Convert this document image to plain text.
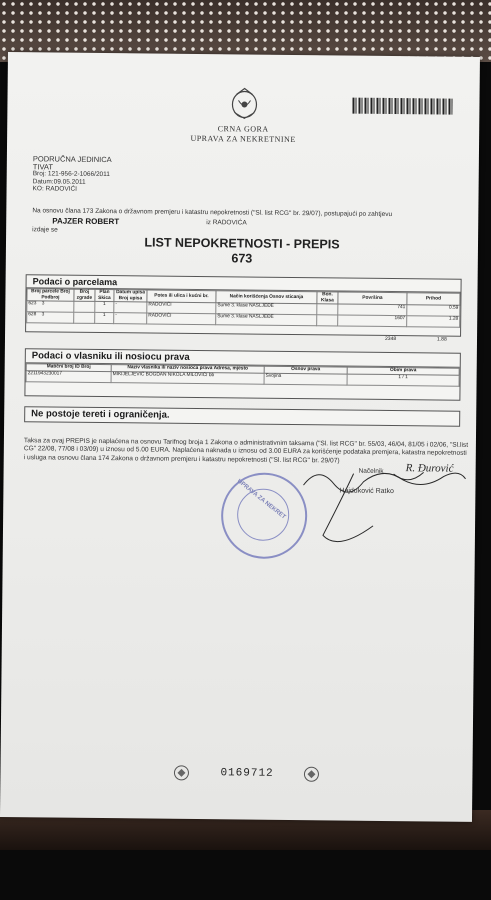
CRNA GORA
UPRAVA ZA NEKRETNINE
PODRUČNA JEDINICA
TIVAT
Broj: 121-956-2-1066/2011
Datum:09.05.2011
KO: RADOVIĆI
Na osnovu člana 173 Zakona o državnom premjeru i katastru nepokretnosti ("Sl. list RCG" br. 29/07), postupajući po zahtjevu
PAJZER ROBERT	iz RADOVIĆA
izdaje se
LIST NEPOKRETNOSTI - PREPIS
673
Podaci o parcelama
Broj parcele Broj Podbroj	Broj zgrade	Plan Skica	Datum upisa Broj upisa	Potes ili ulica i kućni br.	Način korišćenja Osnov sticanja	Bon. Klasa	Površina	Prihod
623 3		1	-	RADOVIĆI	Šume 3. klase NASLJEĐE		741	0.59
628 3		1	-	RADOVIĆI	Šume 3. klase NASLJEĐE		1607	1.28
2348	1.88
Podaci o vlasniku ili nosiocu prava
Matični broj ID Broj	Naziv vlasnika ili naziv nosioca prava Adresa, mjesto	Osnov prava	Obim prava
2211943230017	MIKIJELJEVIĆ BOGDAN NIKOLA MILOVIĆI bb	Svojina	1 / 1
Ne postoje tereti i ograničenja.
Taksa za ovaj PREPIS je naplaćena na osnovu Tarifnog broja 1 Zakona o administrativnim taksama ("Sl. list RCG" br. 55/03, 46/04, 81/05 i 02/06, "Sl.list CG" 22/08, 77/08 i 03/09) u iznosu od 5.00 EURA. Naplaćena naknada u iznosu od 3.00 EURA za korišćenje podataka premjera, katastra nepokretnosti i usluga na osnovu člana 174 Zakona o državnom premjeru i katastru nepokretnosti ("Sl. list RCG" br. 29/07)
Načelnik R. Đurović
Hajduković Ratko
UPRAVA ZA NEKRET
0169712
